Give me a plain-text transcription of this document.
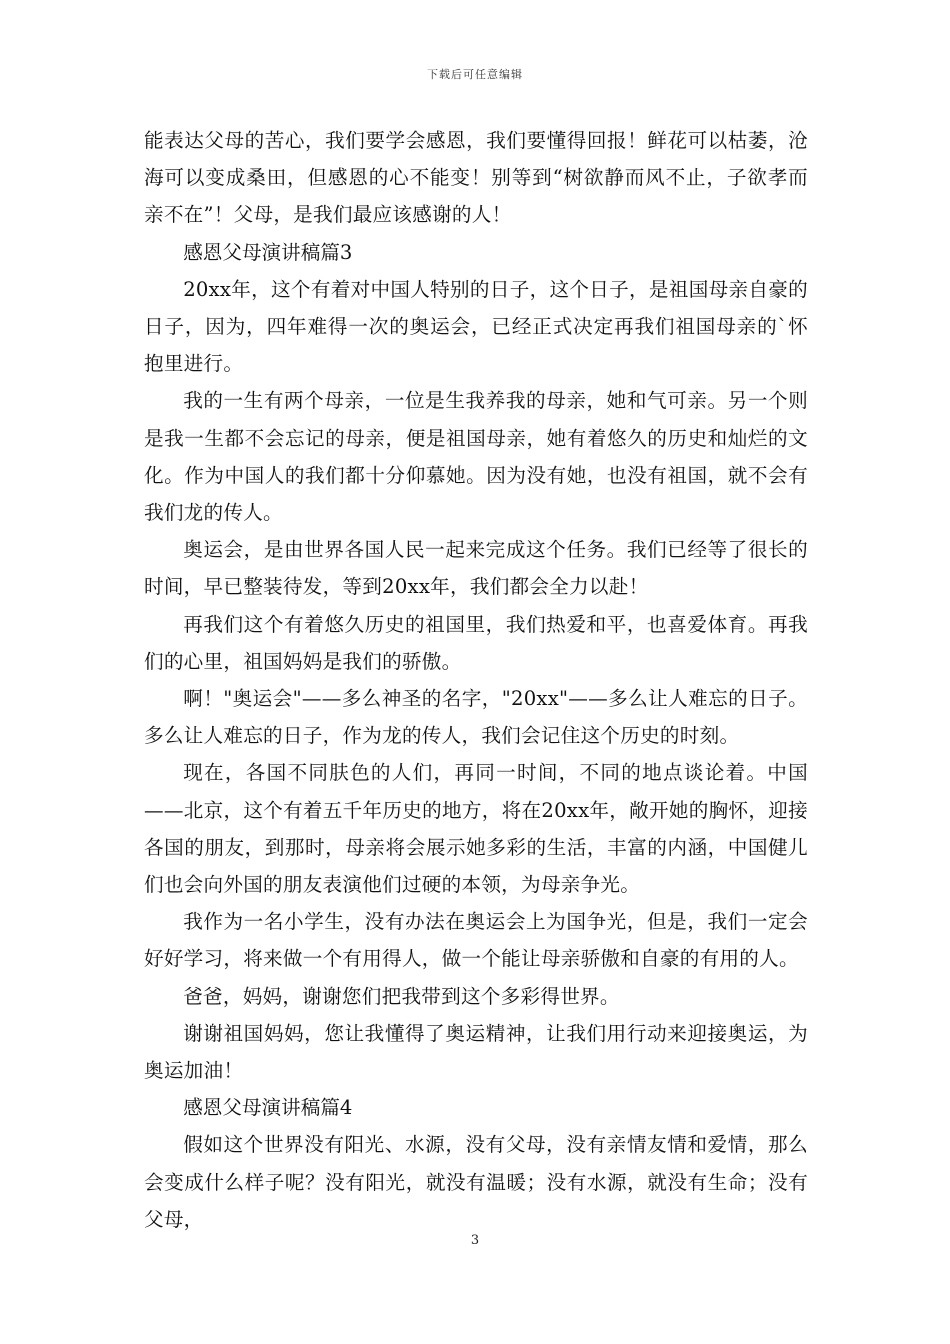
下载后可任意编辑

能表达父母的苦心，我们要学会感恩，我们要懂得回报！鲜花可以枯萎，沧海可以变成桑田，但感恩的心不能变！别等到“树欲静而风不止，子欲孝而亲不在”！父母，是我们最应该感谢的人！

感恩父母演讲稿篇3

20xx年，这个有着对中国人特别的日子，这个日子，是祖国母亲自豪的日子，因为，四年难得一次的奥运会，已经正式决定再我们祖国母亲的`怀抱里进行。

我的一生有两个母亲，一位是生我养我的母亲，她和气可亲。另一个则是我一生都不会忘记的母亲，便是祖国母亲，她有着悠久的历史和灿烂的文化。作为中国人的我们都十分仰慕她。因为没有她，也没有祖国，就不会有我们龙的传人。

奥运会，是由世界各国人民一起来完成这个任务。我们已经等了很长的时间，早已整装待发，等到20xx年，我们都会全力以赴！

再我们这个有着悠久历史的祖国里，我们热爱和平，也喜爱体育。再我们的心里，祖国妈妈是我们的骄傲。

啊！"奥运会"——多么神圣的名字，"20xx"——多么让人难忘的日子。多么让人难忘的日子，作为龙的传人，我们会记住这个历史的时刻。

现在，各国不同肤色的人们，再同一时间，不同的地点谈论着。中国——北京，这个有着五千年历史的地方，将在20xx年，敞开她的胸怀，迎接各国的朋友，到那时，母亲将会展示她多彩的生活，丰富的内涵，中国健儿们也会向外国的朋友表演他们过硬的本领，为母亲争光。

我作为一名小学生，没有办法在奥运会上为国争光，但是，我们一定会好好学习，将来做一个有用得人，做一个能让母亲骄傲和自豪的有用的人。

爸爸，妈妈，谢谢您们把我带到这个多彩得世界。

谢谢祖国妈妈，您让我懂得了奥运精神，让我们用行动来迎接奥运，为奥运加油！

感恩父母演讲稿篇4

假如这个世界没有阳光、水源，没有父母，没有亲情友情和爱情，那么会变成什么样子呢？没有阳光，就没有温暖；没有水源，就没有生命；没有父母，

3
